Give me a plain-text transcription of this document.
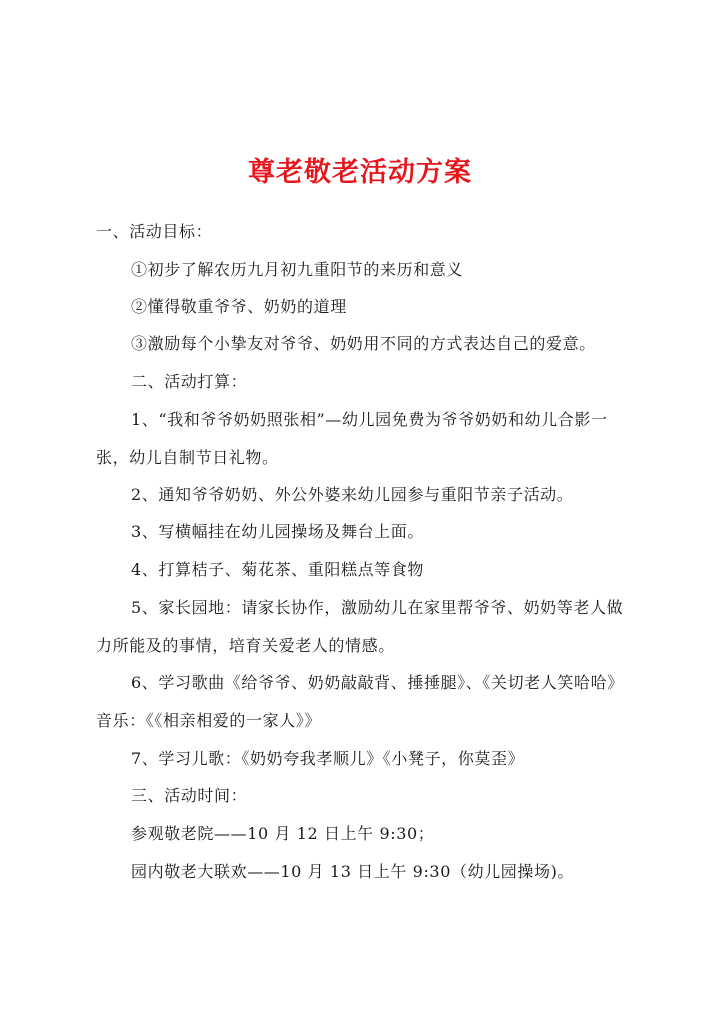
尊老敬老活动方案
一、活动目标：
①初步了解农历九月初九重阳节的来历和意义
②懂得敬重爷爷、奶奶的道理
③激励每个小挚友对爷爷、奶奶用不同的方式表达自己的爱意。
二、活动打算：
1、“我和爷爷奶奶照张相”—幼儿园免费为爷爷奶奶和幼儿合影一
张，幼儿自制节日礼物。
2、通知爷爷奶奶、外公外婆来幼儿园参与重阳节亲子活动。
3、写横幅挂在幼儿园操场及舞台上面。
4、打算桔子、菊花茶、重阳糕点等食物
5、家长园地：请家长协作，激励幼儿在家里帮爷爷、奶奶等老人做
力所能及的事情，培育关爱老人的情感。
6、学习歌曲《给爷爷、奶奶敲敲背、捶捶腿》、《关切老人笑哈哈》
音乐：《《相亲相爱的一家人》》
7、学习儿歌：《奶奶夸我孝顺儿》《小凳子，你莫歪》
三、活动时间：
参观敬老院——10 月 12 日上午 9:30；
园内敬老大联欢——10 月 13 日上午 9:30（幼儿园操场)。
